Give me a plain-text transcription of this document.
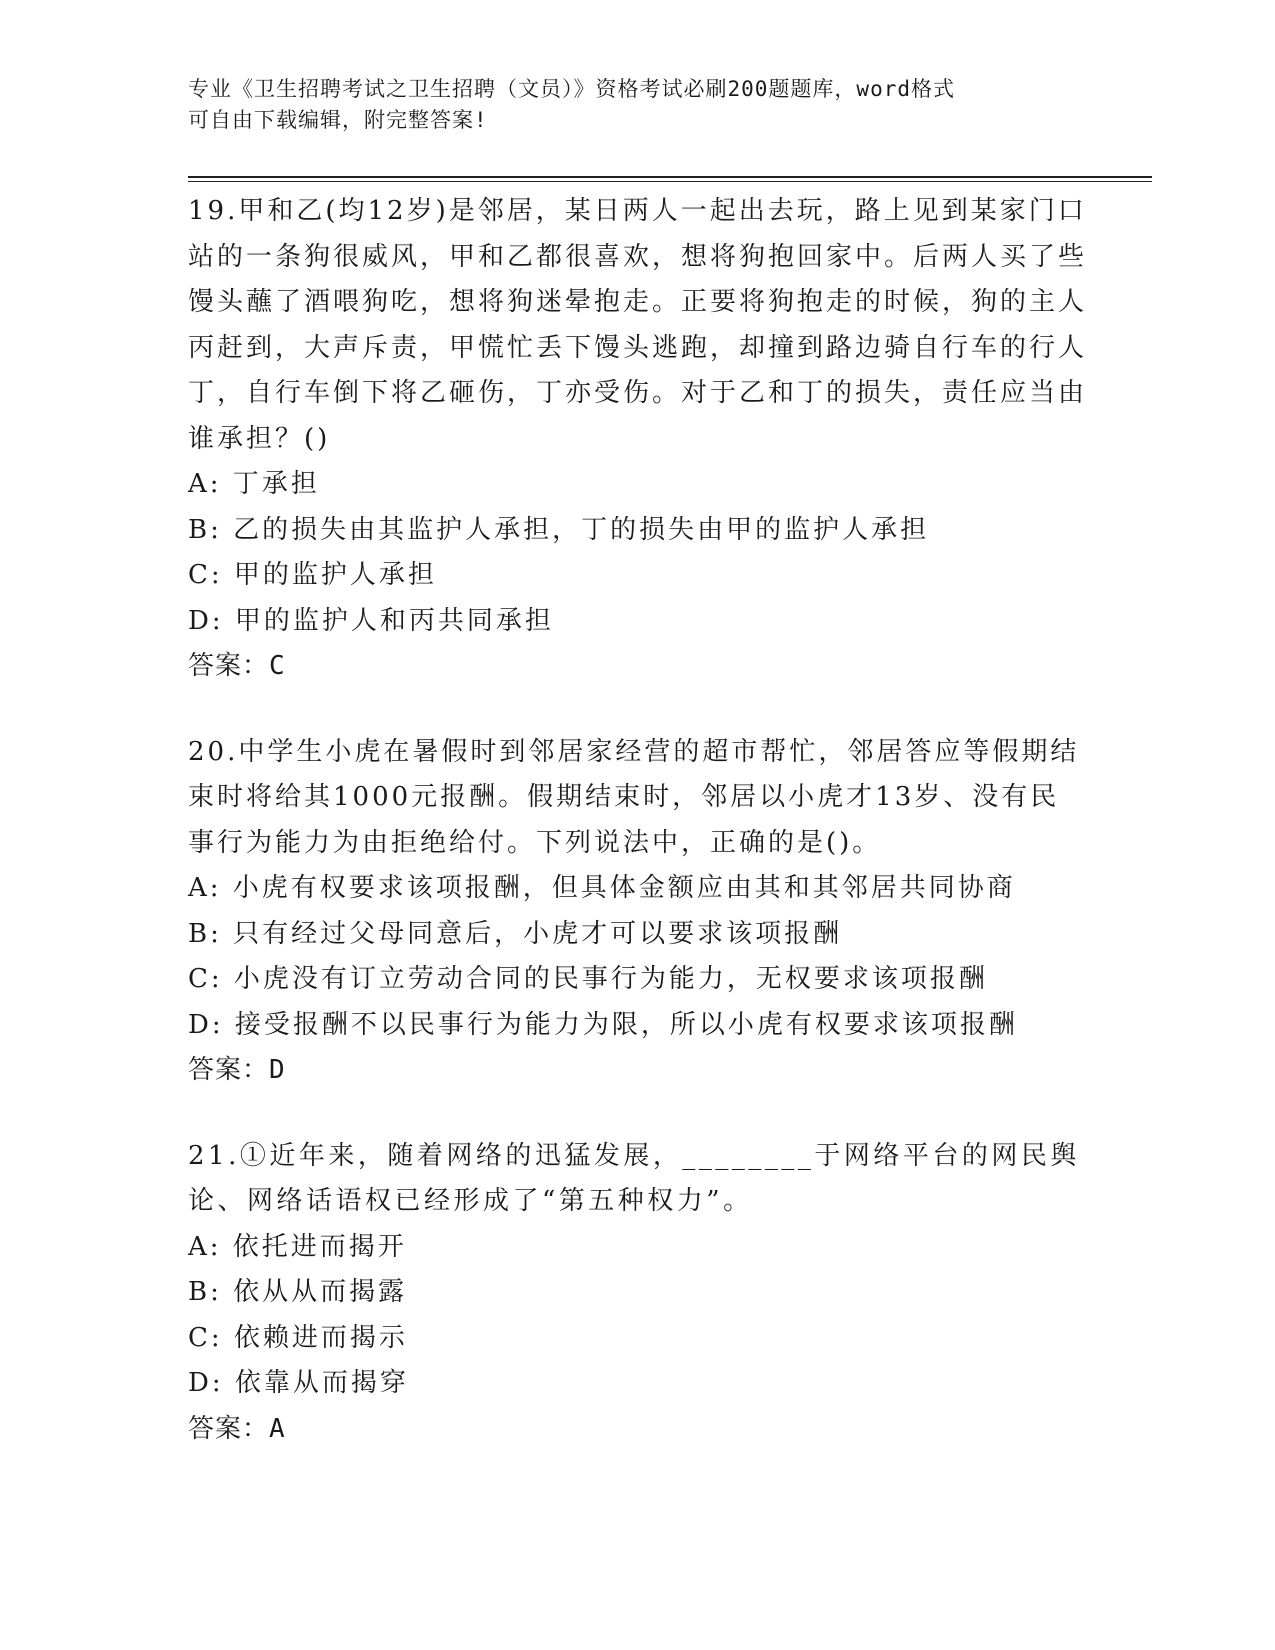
专业《卫生招聘考试之卫生招聘（文员）》资格考试必刷200题题库，word格式
可自由下载编辑，附完整答案!

19.甲和乙(均12岁)是邻居，某日两人一起出去玩，路上见到某家门口站的一条狗很威风，甲和乙都很喜欢，想将狗抱回家中。后两人买了些馒头蘸了酒喂狗吃，想将狗迷晕抱走。正要将狗抱走的时候，狗的主人丙赶到，大声斥责，甲慌忙丢下馒头逃跑，却撞到路边骑自行车的行人丁，自行车倒下将乙砸伤，丁亦受伤。对于乙和丁的损失，责任应当由谁承担？()

A: 丁承担

B: 乙的损失由其监护人承担，丁的损失由甲的监护人承担

C: 甲的监护人承担

D: 甲的监护人和丙共同承担

答案：C

20.中学生小虎在暑假时到邻居家经营的超市帮忙，邻居答应等假期结束时将给其1000元报酬。假期结束时，邻居以小虎才13岁、没有民事行为能力为由拒绝给付。下列说法中，正确的是()。

A: 小虎有权要求该项报酬，但具体金额应由其和其邻居共同协商

B: 只有经过父母同意后，小虎才可以要求该项报酬

C: 小虎没有订立劳动合同的民事行为能力，无权要求该项报酬

D: 接受报酬不以民事行为能力为限，所以小虎有权要求该项报酬

答案：D

21.①近年来，随着网络的迅猛发展，________于网络平台的网民舆论、网络话语权已经形成了“第五种权力”。

A: 依托进而揭开

B: 依从从而揭露

C: 依赖进而揭示

D: 依靠从而揭穿

答案：A
